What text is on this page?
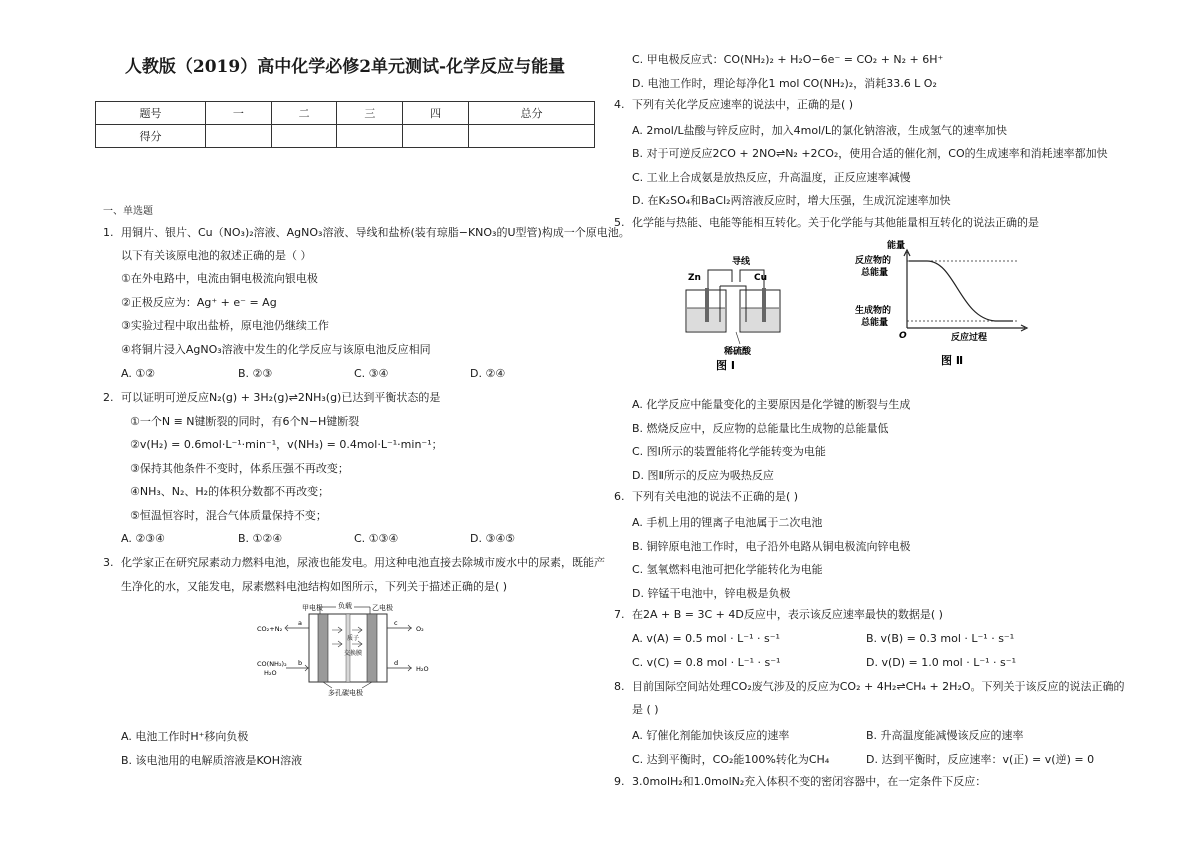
人教版（2019）高中化学必修2单元测试-化学反应与能量
题号	一	二	三	四	总分
得分					
一、单选题
1. 用铜片、银片、Cu（NO₃)₂溶液、AgNO₃溶液、导线和盐桥(装有琼脂−KNO₃的U型管)构成一个原电池。
以下有关该原电池的叙述正确的是（ ）
①在外电路中，电流由铜电极流向银电极
②正极反应为：Ag⁺ + e⁻ = Ag
③实验过程中取出盐桥，原电池仍继续工作
④将铜片浸入AgNO₃溶液中发生的化学反应与该原电池反应相同
A. ①②	B. ②③	C. ③④	D. ②④
2. 可以证明可逆反应N₂(g) + 3H₂(g)⇌2NH₃(g)已达到平衡状态的是
①一个N ≡ N键断裂的同时，有6个N−H键断裂
②v(H₂) = 0.6mol·L⁻¹·min⁻¹，v(NH₃) = 0.4mol·L⁻¹·min⁻¹；
③保持其他条件不变时，体系压强不再改变；
④NH₃、N₂、H₂的体积分数都不再改变；
⑤恒温恒容时，混合气体质量保持不变；
A. ②③④	B. ①②④	C. ①③④	D. ③④⑤
3. 化学家正在研究尿素动力燃料电池，尿液也能发电。用这种电池直接去除城市废水中的尿素，既能产
生净化的水，又能发电，尿素燃料电池结构如图所示，下列关于描述正确的是( )
甲电极 负载	乙电极
质子
交换膜
CO₂+N₂
a	c
O₂
CO(NH₂)₂
H₂O
b	d
H₂O
多孔碳电极
A. 电池工作时H⁺移向负极
B. 该电池用的电解质溶液是KOH溶液
C. 甲电极反应式：CO(NH₂)₂ + H₂O−6e⁻ = CO₂ + N₂ + 6H⁺
D. 电池工作时，理论每净化1 mol CO(NH₂)₂，消耗33.6 L O₂
4. 下列有关化学反应速率的说法中，正确的是( )
A. 2mol/L盐酸与锌反应时，加入4mol/L的氯化钠溶液，生成氢气的速率加快
B. 对于可逆反应2CO + 2NO⇌N₂ +2CO₂，使用合适的催化剂，CO的生成速率和消耗速率都加快
C. 工业上合成氨是放热反应，升高温度，正反应速率减慢
D. 在K₂SO₄和BaCl₂两溶液反应时，增大压强，生成沉淀速率加快
5. 化学能与热能、电能等能相互转化。关于化学能与其他能量相互转化的说法正确的是
导线
Zn	Cu
稀硫酸
图 Ⅰ
能量
反应物的
总能量
生成物的
总能量
O	反应过程
图 Ⅱ
A. 化学反应中能量变化的主要原因是化学键的断裂与生成
B. 燃烧反应中，反应物的总能量比生成物的总能量低
C. 图Ⅰ所示的装置能将化学能转变为电能
D. 图Ⅱ所示的反应为吸热反应
6. 下列有关电池的说法不正确的是( )
A. 手机上用的锂离子电池属于二次电池
B. 铜锌原电池工作时，电子沿外电路从铜电极流向锌电极
C. 氢氧燃料电池可把化学能转化为电能
D. 锌锰干电池中，锌电极是负极
7. 在2A + B = 3C + 4D反应中，表示该反应速率最快的数据是( )
A. v(A) = 0.5 mol · L⁻¹ · s⁻¹	B. v(B) = 0.3 mol · L⁻¹ · s⁻¹
C. v(C) = 0.8 mol · L⁻¹ · s⁻¹	D. v(D) = 1.0 mol · L⁻¹ · s⁻¹
8. 目前国际空间站处理CO₂废气涉及的反应为CO₂ + 4H₂⇌CH₄ + 2H₂O。下列关于该反应的说法正确的
是 ( )
A. 钌催化剂能加快该反应的速率	B. 升高温度能减慢该反应的速率
C. 达到平衡时，CO₂能100%转化为CH₄	D. 达到平衡时，反应速率：v(正) = v(逆) = 0
9. 3.0molH₂和1.0molN₂充入体积不变的密闭容器中，在一定条件下反应：
